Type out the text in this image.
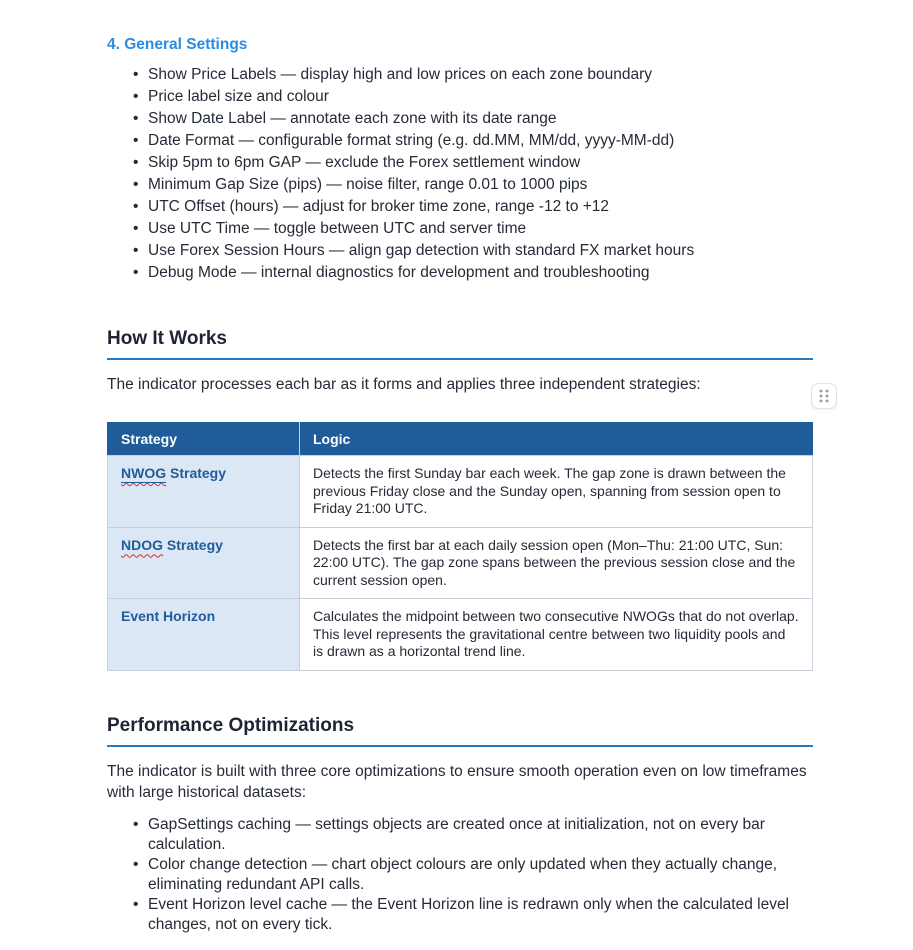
4. General Settings
• Show Price Labels — display high and low prices on each zone boundary
• Price label size and colour
• Show Date Label — annotate each zone with its date range
• Date Format — configurable format string (e.g. dd.MM, MM/dd, yyyy-MM-dd)
• Skip 5pm to 6pm GAP — exclude the Forex settlement window
• Minimum Gap Size (pips) — noise filter, range 0.01 to 1000 pips
• UTC Offset (hours) — adjust for broker time zone, range -12 to +12
• Use UTC Time — toggle between UTC and server time
• Use Forex Session Hours — align gap detection with standard FX market hours
• Debug Mode — internal diagnostics for development and troubleshooting
How It Works

The indicator processes each bar as it forms and applies three independent strategies:

Strategy	Logic
NWOG Strategy	Detects the first Sunday bar each week. The gap zone is drawn between the previous Friday close and the Sunday open, spanning from session open to Friday 21:00 UTC.
NDOG Strategy	Detects the first bar at each daily session open (Mon–Thu: 21:00 UTC, Sun: 22:00 UTC). The gap zone spans between the previous session close and the current session open.
Event Horizon	Calculates the midpoint between two consecutive NWOGs that do not overlap. This level represents the gravitational centre between two liquidity pools and is drawn as a horizontal trend line.
Performance Optimizations

The indicator is built with three core optimizations to ensure smooth operation even on low timeframes with large historical datasets:

• GapSettings caching — settings objects are created once at initialization, not on every bar calculation.
• Color change detection — chart object colours are only updated when they actually change, eliminating redundant API calls.
• Event Horizon level cache — the Event Horizon line is redrawn only when the calculated level changes, not on every tick.
